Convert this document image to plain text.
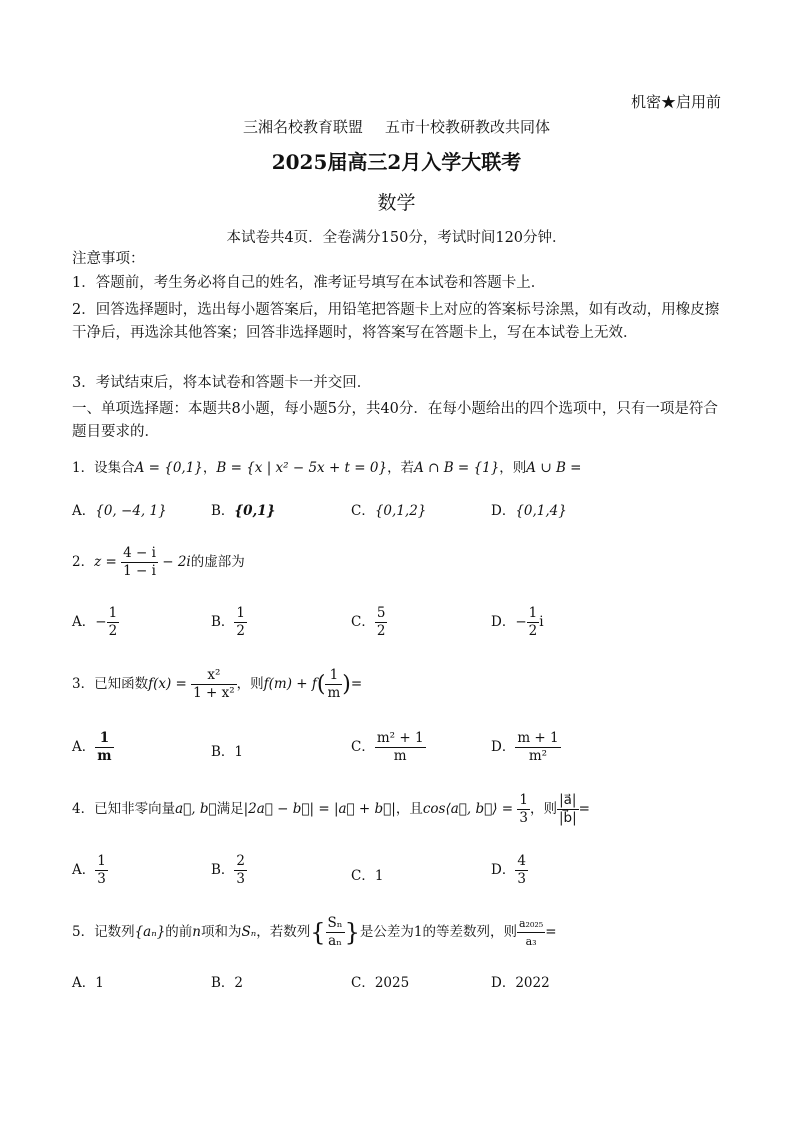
机密★启用前
三湘名校教育联盟 五市十校教研教改共同体
2025届高三2月入学大联考
数学
本试卷共4页．全卷满分150分，考试时间120分钟．
注意事项：
1．答题前，考生务必将自己的姓名，准考证号填写在本试卷和答题卡上．
2．回答选择题时，选出每小题答案后，用铅笔把答题卡上对应的答案标号涂黑，如有改动，用橡皮擦干净后，再选涂其他答案；回答非选择题时，将答案写在答题卡上，写在本试卷上无效．
3．考试结束后，将本试卷和答题卡一并交回．
一、单项选择题：本题共8小题，每小题5分，共40分．在每小题给出的四个选项中，只有一项是符合题目要求的．
1．设集合A = {0,1}，B = {x | x² − 5x + t = 0}，若A ∩ B = {1}，则A ∪ B =
A．{0, −4, 1}	B．{0,1}	C．{0,1,2}	D．{0,1,4}
2．$z = \frac{4 - i}{1 - i} - 2i$的虚部为
A．− $\frac{1}{2}$	B． $\frac{1}{2}$	C． $\frac{5}{2}$	D．− $\frac{1}{2}$ i
3．已知函数$f(x) = \frac{\text{x²}}{\text{1 + x²}}$ ，则$f(m) + f( \frac{1}{m}$ )=
A． $\frac{1}{m}$	B．1	C． $\frac{\text{m² + 1}}{m}$	D． $\frac{m + 1}{\text{m²}}$
4．已知非零向量a⃗, b⃗满足|2a⃗ − b⃗| = |a⃗ + b⃗|，且cos⟨a⃗, b⃗⟩ = $\frac{1}{3}$ ，则 $\frac{|a⃗|}{|b⃗|}$ =
A． $\frac{1}{3}$	B． $\frac{2}{3}$	C．1	D． $\frac{4}{3}$
5．记数列{aₙ}的前n项和为Sₙ，若数列{ $\frac{\text{Sₙ}}{\text{aₙ}}$ }是公差为1的等差数列，则 $\frac{\text{a₂₀₂₅}}{\text{a₃}}$ =
A．1	B．2	C．2025	D．2022
